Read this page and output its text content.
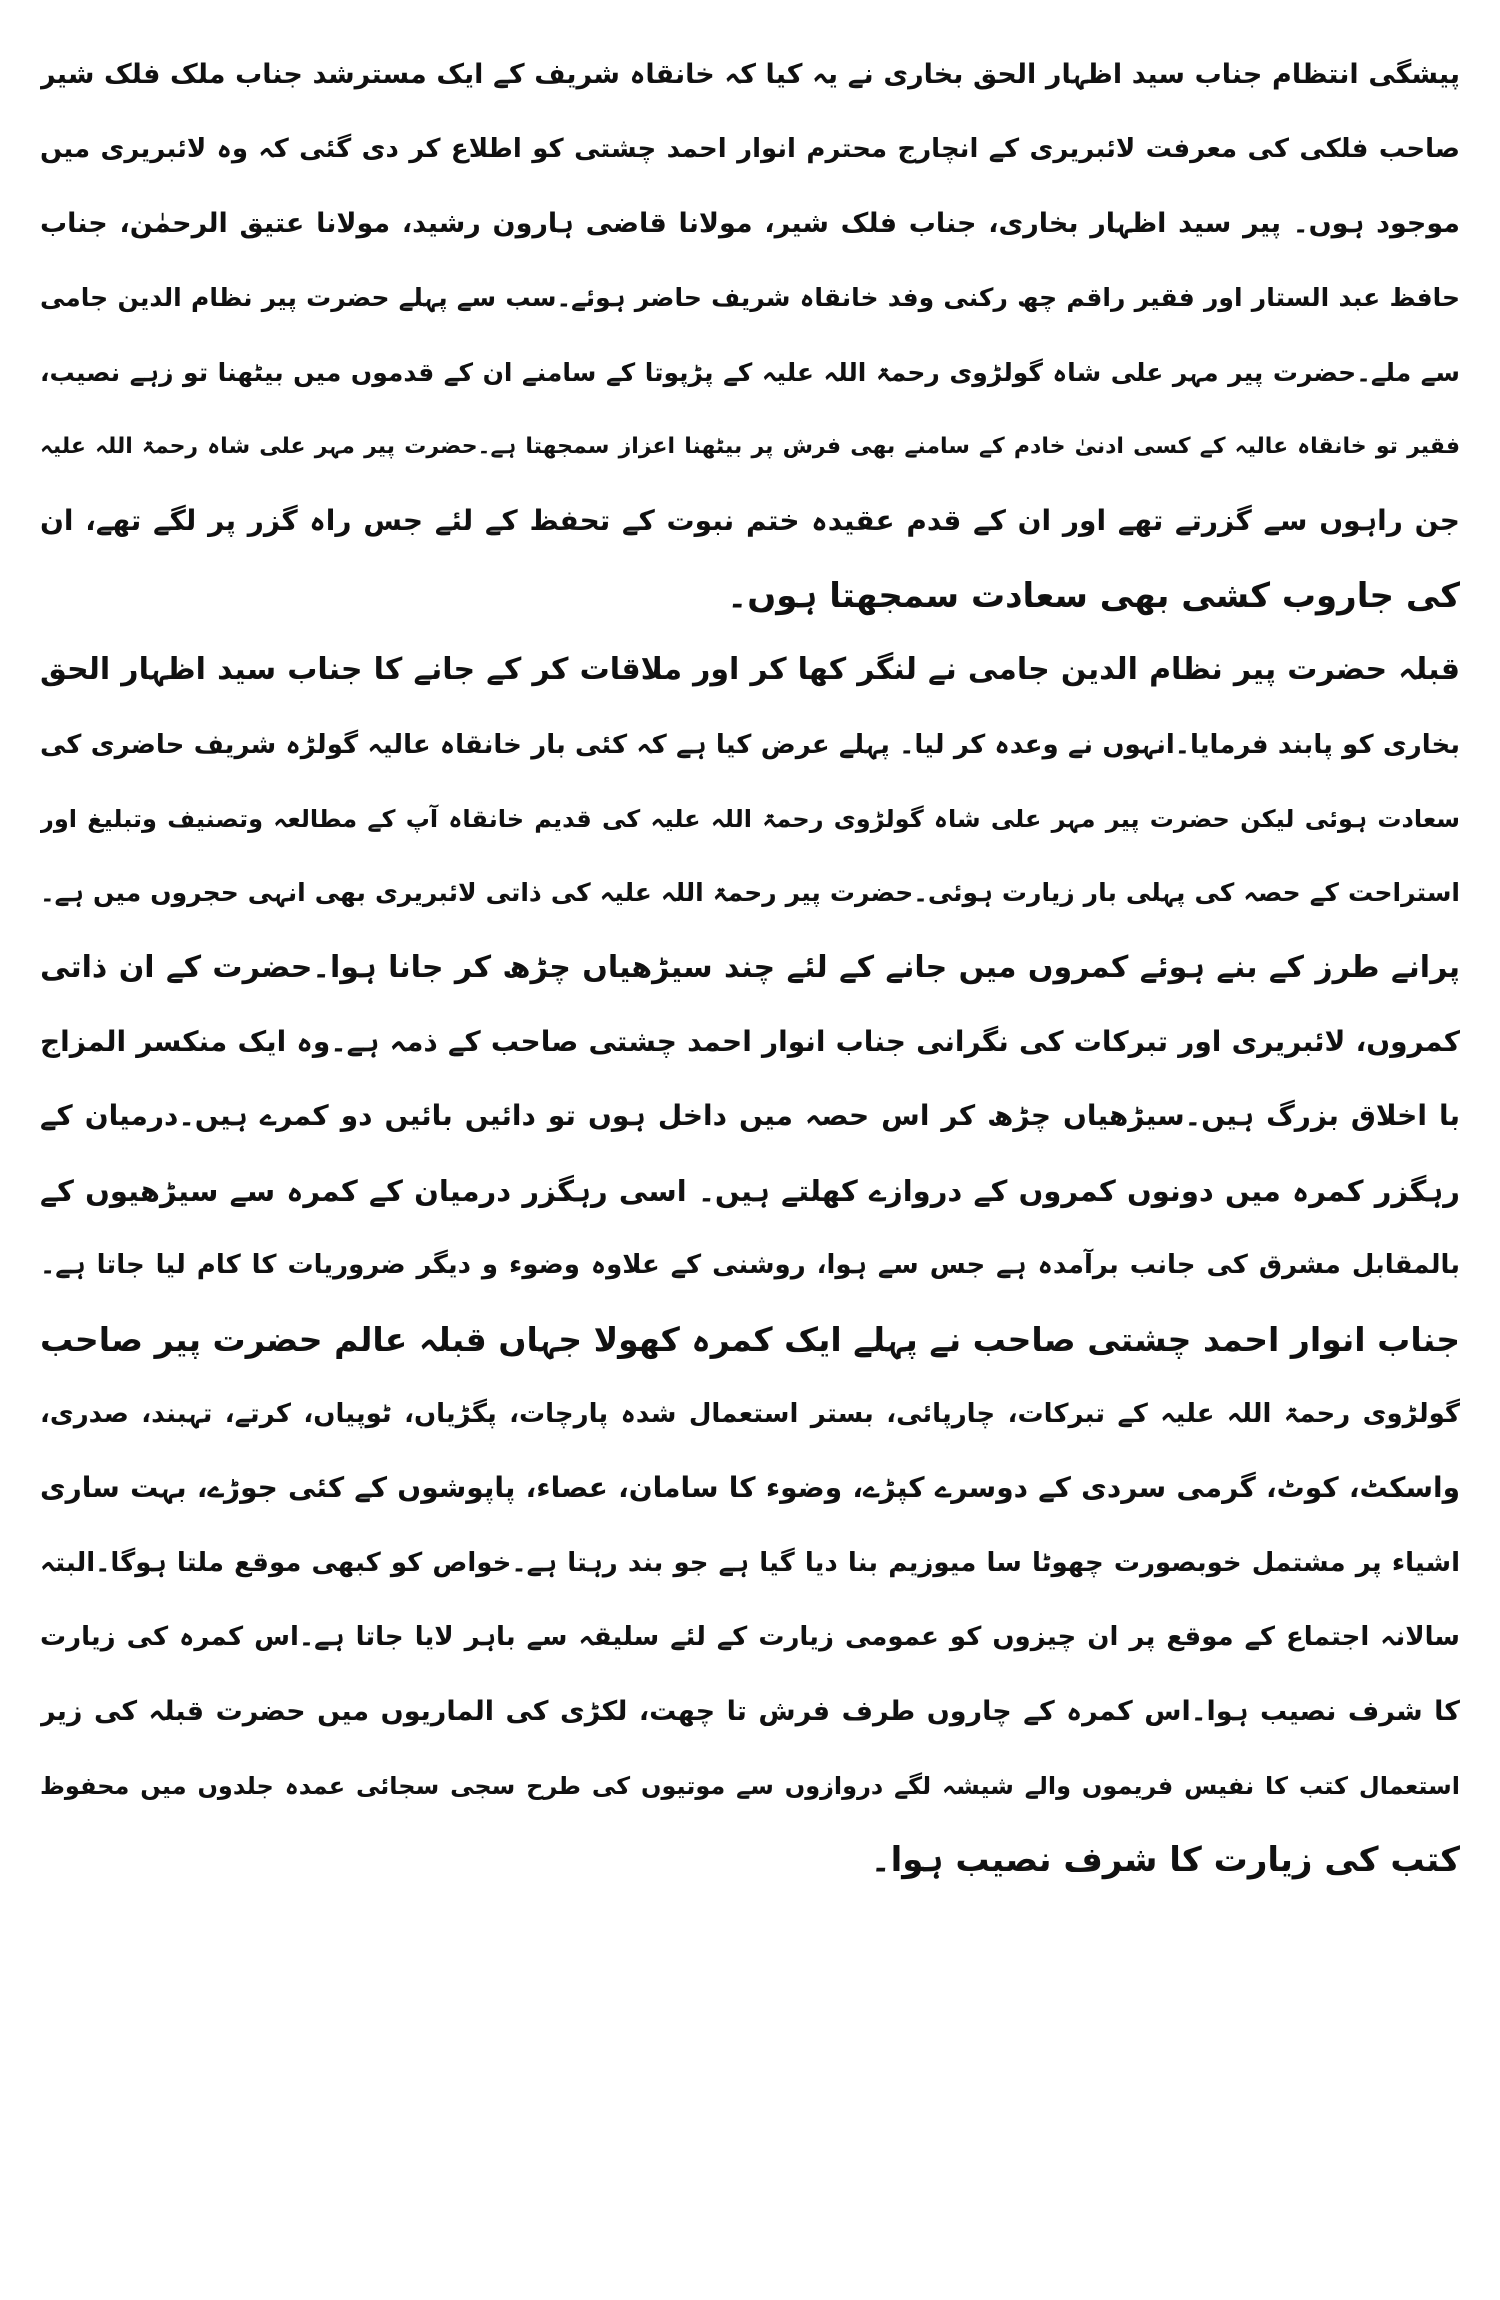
پیشگی انتظام جناب سید اظہار الحق بخاری نے یہ کیا کہ خانقاہ شریف کے ایک مسترشد جناب ملک فلک شیر
صاحب فلکی کی معرفت لائبریری کے انچارج محترم انوار احمد چشتی کو اطلاع کر دی گئی کہ وہ لائبریری میں
موجود ہوں۔ پیر سید اظہار بخاری، جناب فلک شیر، مولانا قاضی ہارون رشید، مولانا عتیق الرحمٰن، جناب
حافظ عبد الستار اور فقیر راقم چھ رکنی وفد خانقاہ شریف حاضر ہوئے۔سب سے پہلے حضرت پیر نظام الدین جامی
سے ملے۔حضرت پیر مہر علی شاہ گولڑوی رحمۃ اللہ علیہ کے پڑپوتا کے سامنے ان کے قدموں میں بیٹھنا تو زہے نصیب،
فقیر تو خانقاہ عالیہ کے کسی ادنیٰ خادم کے سامنے بھی فرش پر بیٹھنا اعزاز سمجھتا ہے۔حضرت پیر مہر علی شاہ رحمۃ اللہ علیہ
جن راہوں سے گزرتے تھے اور ان کے قدم عقیدہ ختم نبوت کے تحفظ کے لئے جس راہ گزر پر لگے تھے، ان
کی جاروب کشی بھی سعادت سمجھتا ہوں۔
قبلہ حضرت پیر نظام الدین جامی نے لنگر کھا کر اور ملاقات کر کے جانے کا جناب سید اظہار الحق
بخاری کو پابند فرمایا۔انہوں نے وعدہ کر لیا۔ پہلے عرض کیا ہے کہ کئی بار خانقاہ عالیہ گولڑہ شریف حاضری کی
سعادت ہوئی لیکن حضرت پیر مہر علی شاہ گولڑوی رحمۃ اللہ علیہ کی قدیم خانقاہ آپ کے مطالعہ وتصنیف وتبلیغ اور
استراحت کے حصہ کی پہلی بار زیارت ہوئی۔حضرت پیر رحمۃ اللہ علیہ کی ذاتی لائبریری بھی انہی حجروں میں ہے۔
پرانے طرز کے بنے ہوئے کمروں میں جانے کے لئے چند سیڑھیاں چڑھ کر جانا ہوا۔حضرت کے ان ذاتی
کمروں، لائبریری اور تبرکات کی نگرانی جناب انوار احمد چشتی صاحب کے ذمہ ہے۔وہ ایک منکسر المزاج
با اخلاق بزرگ ہیں۔سیڑھیاں چڑھ کر اس حصہ میں داخل ہوں تو دائیں بائیں دو کمرے ہیں۔درمیان کے
رہگزر کمرہ میں دونوں کمروں کے دروازے کھلتے ہیں۔ اسی رہگزر درمیان کے کمرہ سے سیڑھیوں کے
بالمقابل مشرق کی جانب برآمدہ ہے جس سے ہوا، روشنی کے علاوہ وضوء و دیگر ضروریات کا کام لیا جاتا ہے۔
جناب انوار احمد چشتی صاحب نے پہلے ایک کمرہ کھولا جہاں قبلہ عالم حضرت پیر صاحب
گولڑوی رحمۃ اللہ علیہ کے تبرکات، چارپائی، بستر استعمال شدہ پارچات، پگڑیاں، ٹوپیاں، کرتے، تہبند، صدری،
واسکٹ، کوٹ، گرمی سردی کے دوسرے کپڑے، وضوء کا سامان، عصاء، پاپوشوں کے کئی جوڑے، بہت ساری
اشیاء پر مشتمل خوبصورت چھوٹا سا میوزیم بنا دیا گیا ہے جو بند رہتا ہے۔خواص کو کبھی موقع ملتا ہوگا۔البتہ
سالانہ اجتماع کے موقع پر ان چیزوں کو عمومی زیارت کے لئے سلیقہ سے باہر لایا جاتا ہے۔اس کمرہ کی زیارت
کا شرف نصیب ہوا۔اس کمرہ کے چاروں طرف فرش تا چھت، لکڑی کی الماریوں میں حضرت قبلہ کی زیر
استعمال کتب کا نفیس فریموں والے شیشہ لگے دروازوں سے موتیوں کی طرح سجی سجائی عمدہ جلدوں میں محفوظ
کتب کی زیارت کا شرف نصیب ہوا۔
